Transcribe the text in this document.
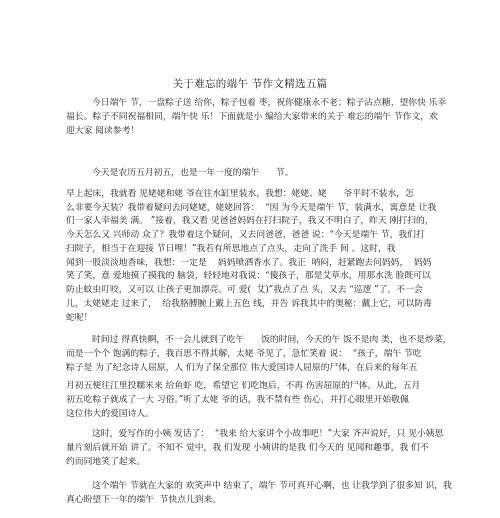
关于难忘的端午 节作文精选五篇
今日端午 节，一盘粽子送 给你，粽子包着 枣，祝你健康永不老；粽子沾点糖，望你快 乐幸
福长。粽子不同祝福相同，端午快 乐！下面就是小 编给大家带来的关于 难忘的端午 节作文，欢
迎大家 阅读参考！
今天是农历五月初五，也是一年一度的端午      节。
早上起床，我就看 见姥姥和姥 爷在往水缸里装水，我想：姥姥、姥      爷平时不装水，怎
么非要今天装？我带着疑问去问姥姥，姥姥回答：  “因 为今天是端午 节，装满水，寓意是 让我
们一家人幸福美 满。 ”接着，我又看 见爸爸妈妈在打扫院子，我又不明白了，昨天 刚打扫的，
今天怎么又 兴师动 众了？我带着这个疑问，又去问爸爸，爸爸 说：“今天是端午 节，我们打
扫院子，相当于在迎接 节日哩！”我若有所思地点了点头，走向了洗手 间 。这时，我
闻到一股淡淡地香味，我想：一定是    妈妈喷洒香水了。我正  呐闷，赶紧跑去问妈妈，  妈妈
笑了笑，意 爱地摸了摸我的 脑袋，轻轻地对我说：“傻孩子，那是艾草水，用那水洗 脸既可以
防止蚊虫叮咬，又可以 让孩子更加漂亮。可 爱(  艾)”我点了点 头，又去 “巡逻 ”了。不一会
儿，太姥姥走 过来了，  给我胳膊腕上戴上五色 线，并告 诉我其中的奥秘：戴上它，可以防毒
蛇呢！
时间过 得真快啊，不一会儿就到了吃午      饭的时间，今天的午 饭不是肉 类，也不是炒菜，
而是一个个 饱满的粽子，我百思不得其解，太姥 爷见了，急忙笑着 说：  “孩子，端午 节吃
粽子是 为了纪念诗人屈原，人 们为了保全那位 伟大爱国诗人屈原的尸体，在后来的每年五
月初五便往江里投糯米来 给鱼虾 吃，希望它 们吃饱后，不再 伤害屈原的尸体。从此，五月
初五吃粽子就成了一大 习俗。”听了太姥 爷的话，我不禁有些 伤心，并打心眼里开始敬佩
这位伟大的爱国诗人。
这时，爱写作的小姨 发话了：  “我来 给大家讲个小故事吧！”大家 齐声说好，只 见小姨思
量片刻后就开始 讲了。不知不 觉中，我 们发现 小姨讲的是我 们今天的 见闻和趣事，我 们不
约而同地笑了起来。
这个端午 节就在大家的 欢笑声中 结束了，端午 节可真开心啊，也 让我学到了很多知 识，我
真心盼望下一年的端午  节快点儿到来。
